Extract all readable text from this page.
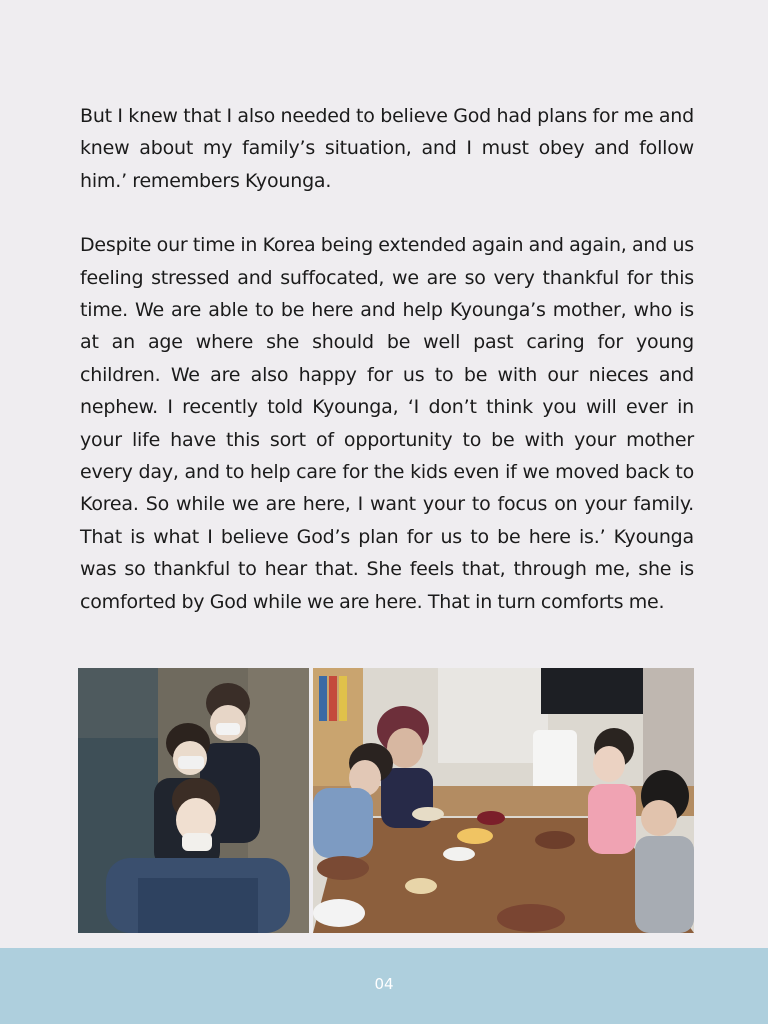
But I knew that I also needed to believe God had plans for me and knew about my family’s situation, and I must obey and follow him.’ remembers Kyounga.

Despite our time in Korea being extended again and again, and us feeling stressed and suffocated, we are so very thankful for this time. We are able to be here and help Kyounga’s mother, who is at an age where she should be well past caring for young children. We are also happy for us to be with our nieces and nephew. I recently told Kyounga, ‘I don’t think you will ever in your life have this sort of opportunity to be with your mother every day, and to help care for the kids even if we moved back to Korea. So while we are here, I want your to focus on your family. That is what I believe God’s plan for us to be here is.’ Kyounga was so thankful to hear that. She feels that, through me, she is comforted by God while we are here. That in turn comforts me.

04
